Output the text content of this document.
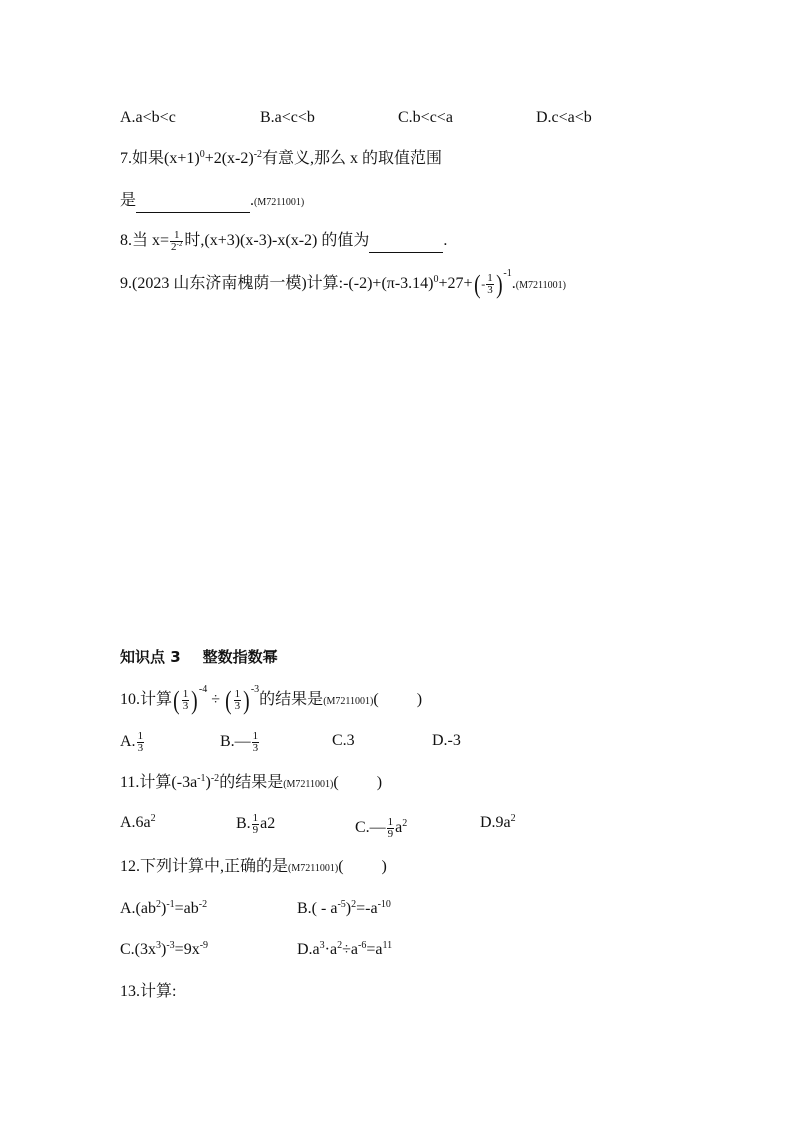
A.a<b<c	B.a<c<b	C.b<c<a	D.c<a<b
7.如果$(x+1)^0+2(x-2)^{-2}$有意义,那么 x 的取值范围
是	.(M7211001)
8.当 $x= \frac{1}{2^{-2}}$ 时,(x+3)(x-3)-x(x-2) 的值为	.
9.(2023 山东济南槐荫一模)计算$:-(-2)+(\pi-3.14)^0+27+(- \frac{1}{3} )^{-1}.(M7211001)$
知识点 3 整数指数幂
10.计算( $\frac{1}{3} )^{-4}$ ÷ ( $\frac{1}{3} )^{-3}$的结果是(M7211001)( )
A. $\frac{1}{3}$	B.— $\frac{1}{3}$	C.3	D.-3
11.计算$(-3a^{-1})^{-2}$的结果是(M7211001)( )
$A.6a^2$	B. $\frac{1}{9} a2$	C.— $\frac{1}{9} a^2$	$D.9a^2$
12.下列计算中,正确的是(M7211001)( )
$A.(ab^2)^{-1}=ab^{-2}$	$B.( - a^{-5})^2=-a^{-10}$
$C.(3x^3)^{-3}=9x^{-9}$	$D.a^3\cdot a^2\div a^{-6}=a^{11}$
13.计算:
